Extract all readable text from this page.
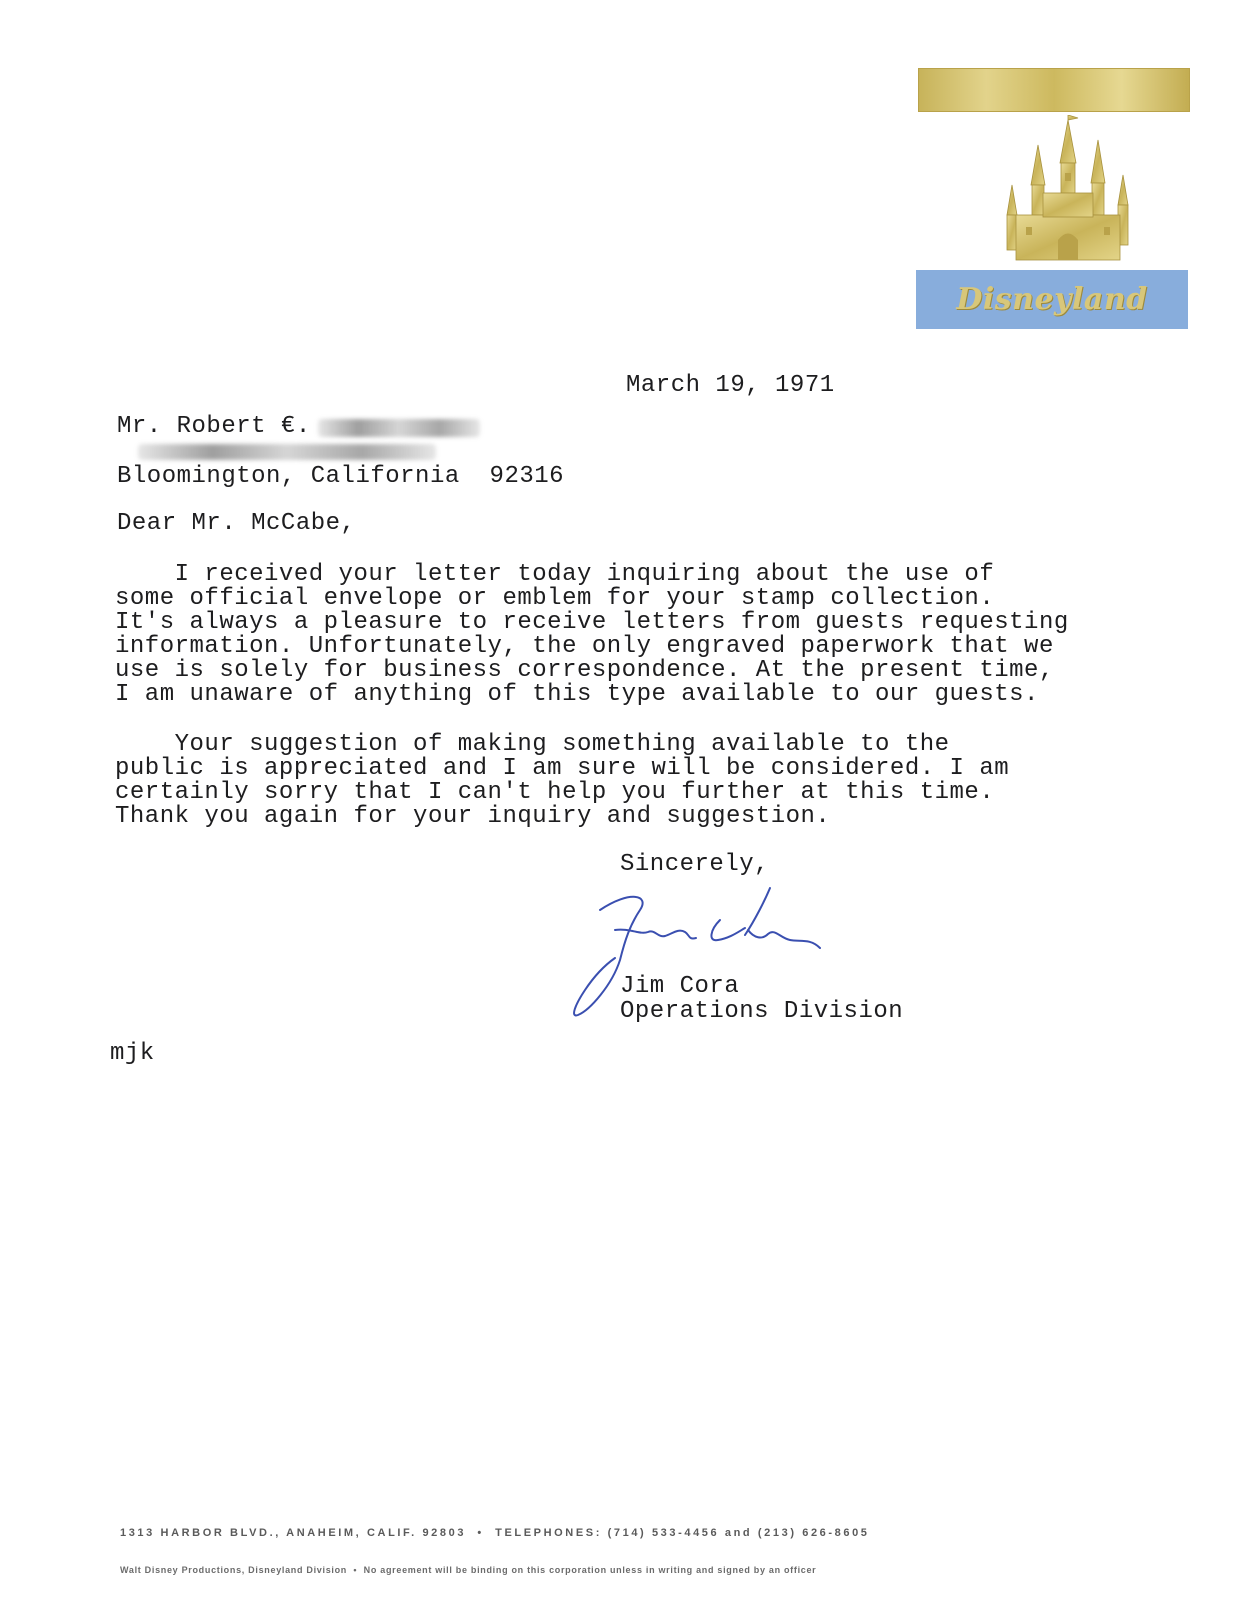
Disneyland
March 19, 1971
Mr. Robert €.
Bloomington, California  92316
Dear Mr. McCabe,
I received your letter today inquiring about the use of
some official envelope or emblem for your stamp collection.
It's always a pleasure to receive letters from guests requesting
information. Unfortunately, the only engraved paperwork that we
use is solely for business correspondence. At the present time,
I am unaware of anything of this type available to our guests.
Your suggestion of making something available to the
public is appreciated and I am sure will be considered. I am
certainly sorry that I can't help you further at this time.
Thank you again for your inquiry and suggestion.
Sincerely,
Jim Cora
Operations Division
mjk
1313 HARBOR BLVD., ANAHEIM, CALIF. 92803  •  TELEPHONES: (714) 533-4456 and (213) 626-8605
Walt Disney Productions, Disneyland Division  •  No agreement will be binding on this corporation unless in writing and signed by an officer
